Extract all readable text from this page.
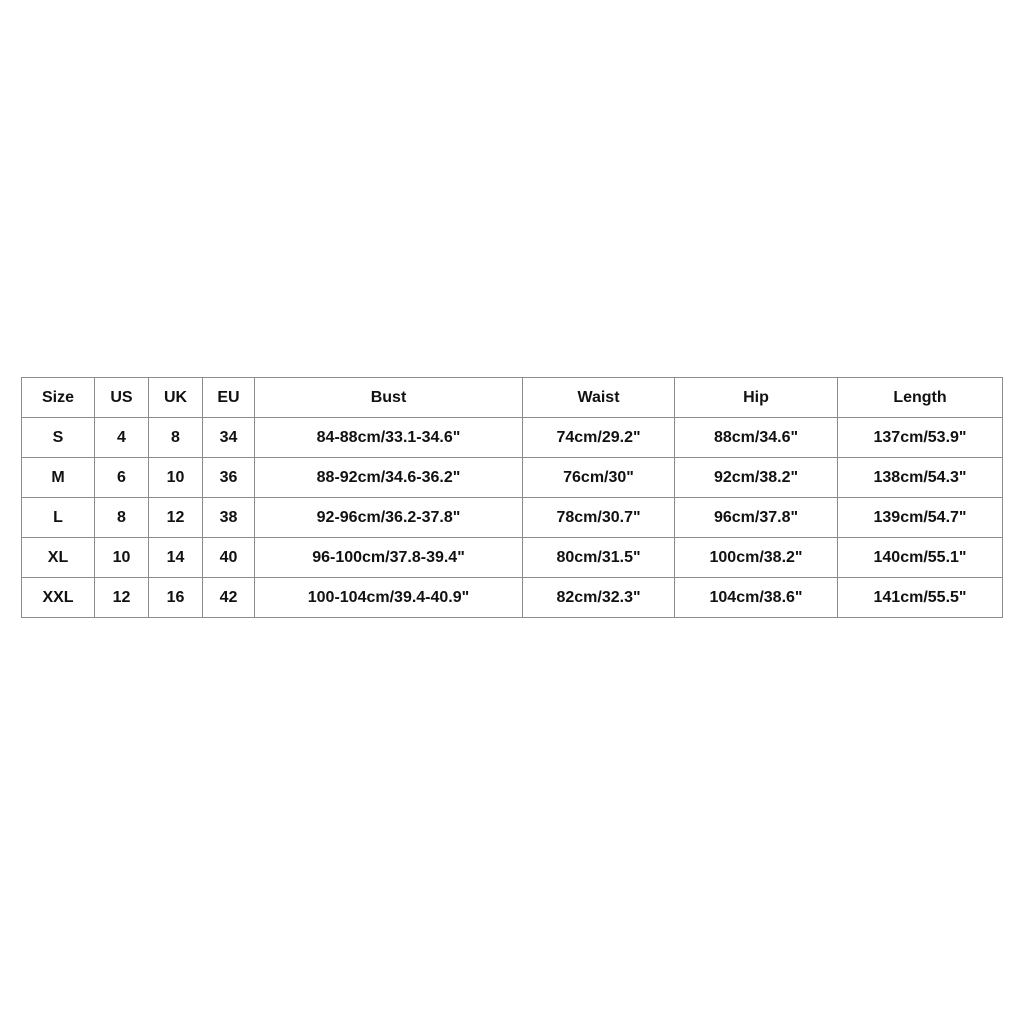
Size	US	UK	EU	Bust	Waist	Hip	Length
S	4	8	34	84-88cm/33.1-34.6"	74cm/29.2"	88cm/34.6"	137cm/53.9"
M	6	10	36	88-92cm/34.6-36.2"	76cm/30"	92cm/38.2"	138cm/54.3"
L	8	12	38	92-96cm/36.2-37.8"	78cm/30.7"	96cm/37.8"	139cm/54.7"
XL	10	14	40	96-100cm/37.8-39.4"	80cm/31.5"	100cm/38.2"	140cm/55.1"
XXL	12	16	42	100-104cm/39.4-40.9"	82cm/32.3"	104cm/38.6"	141cm/55.5"
